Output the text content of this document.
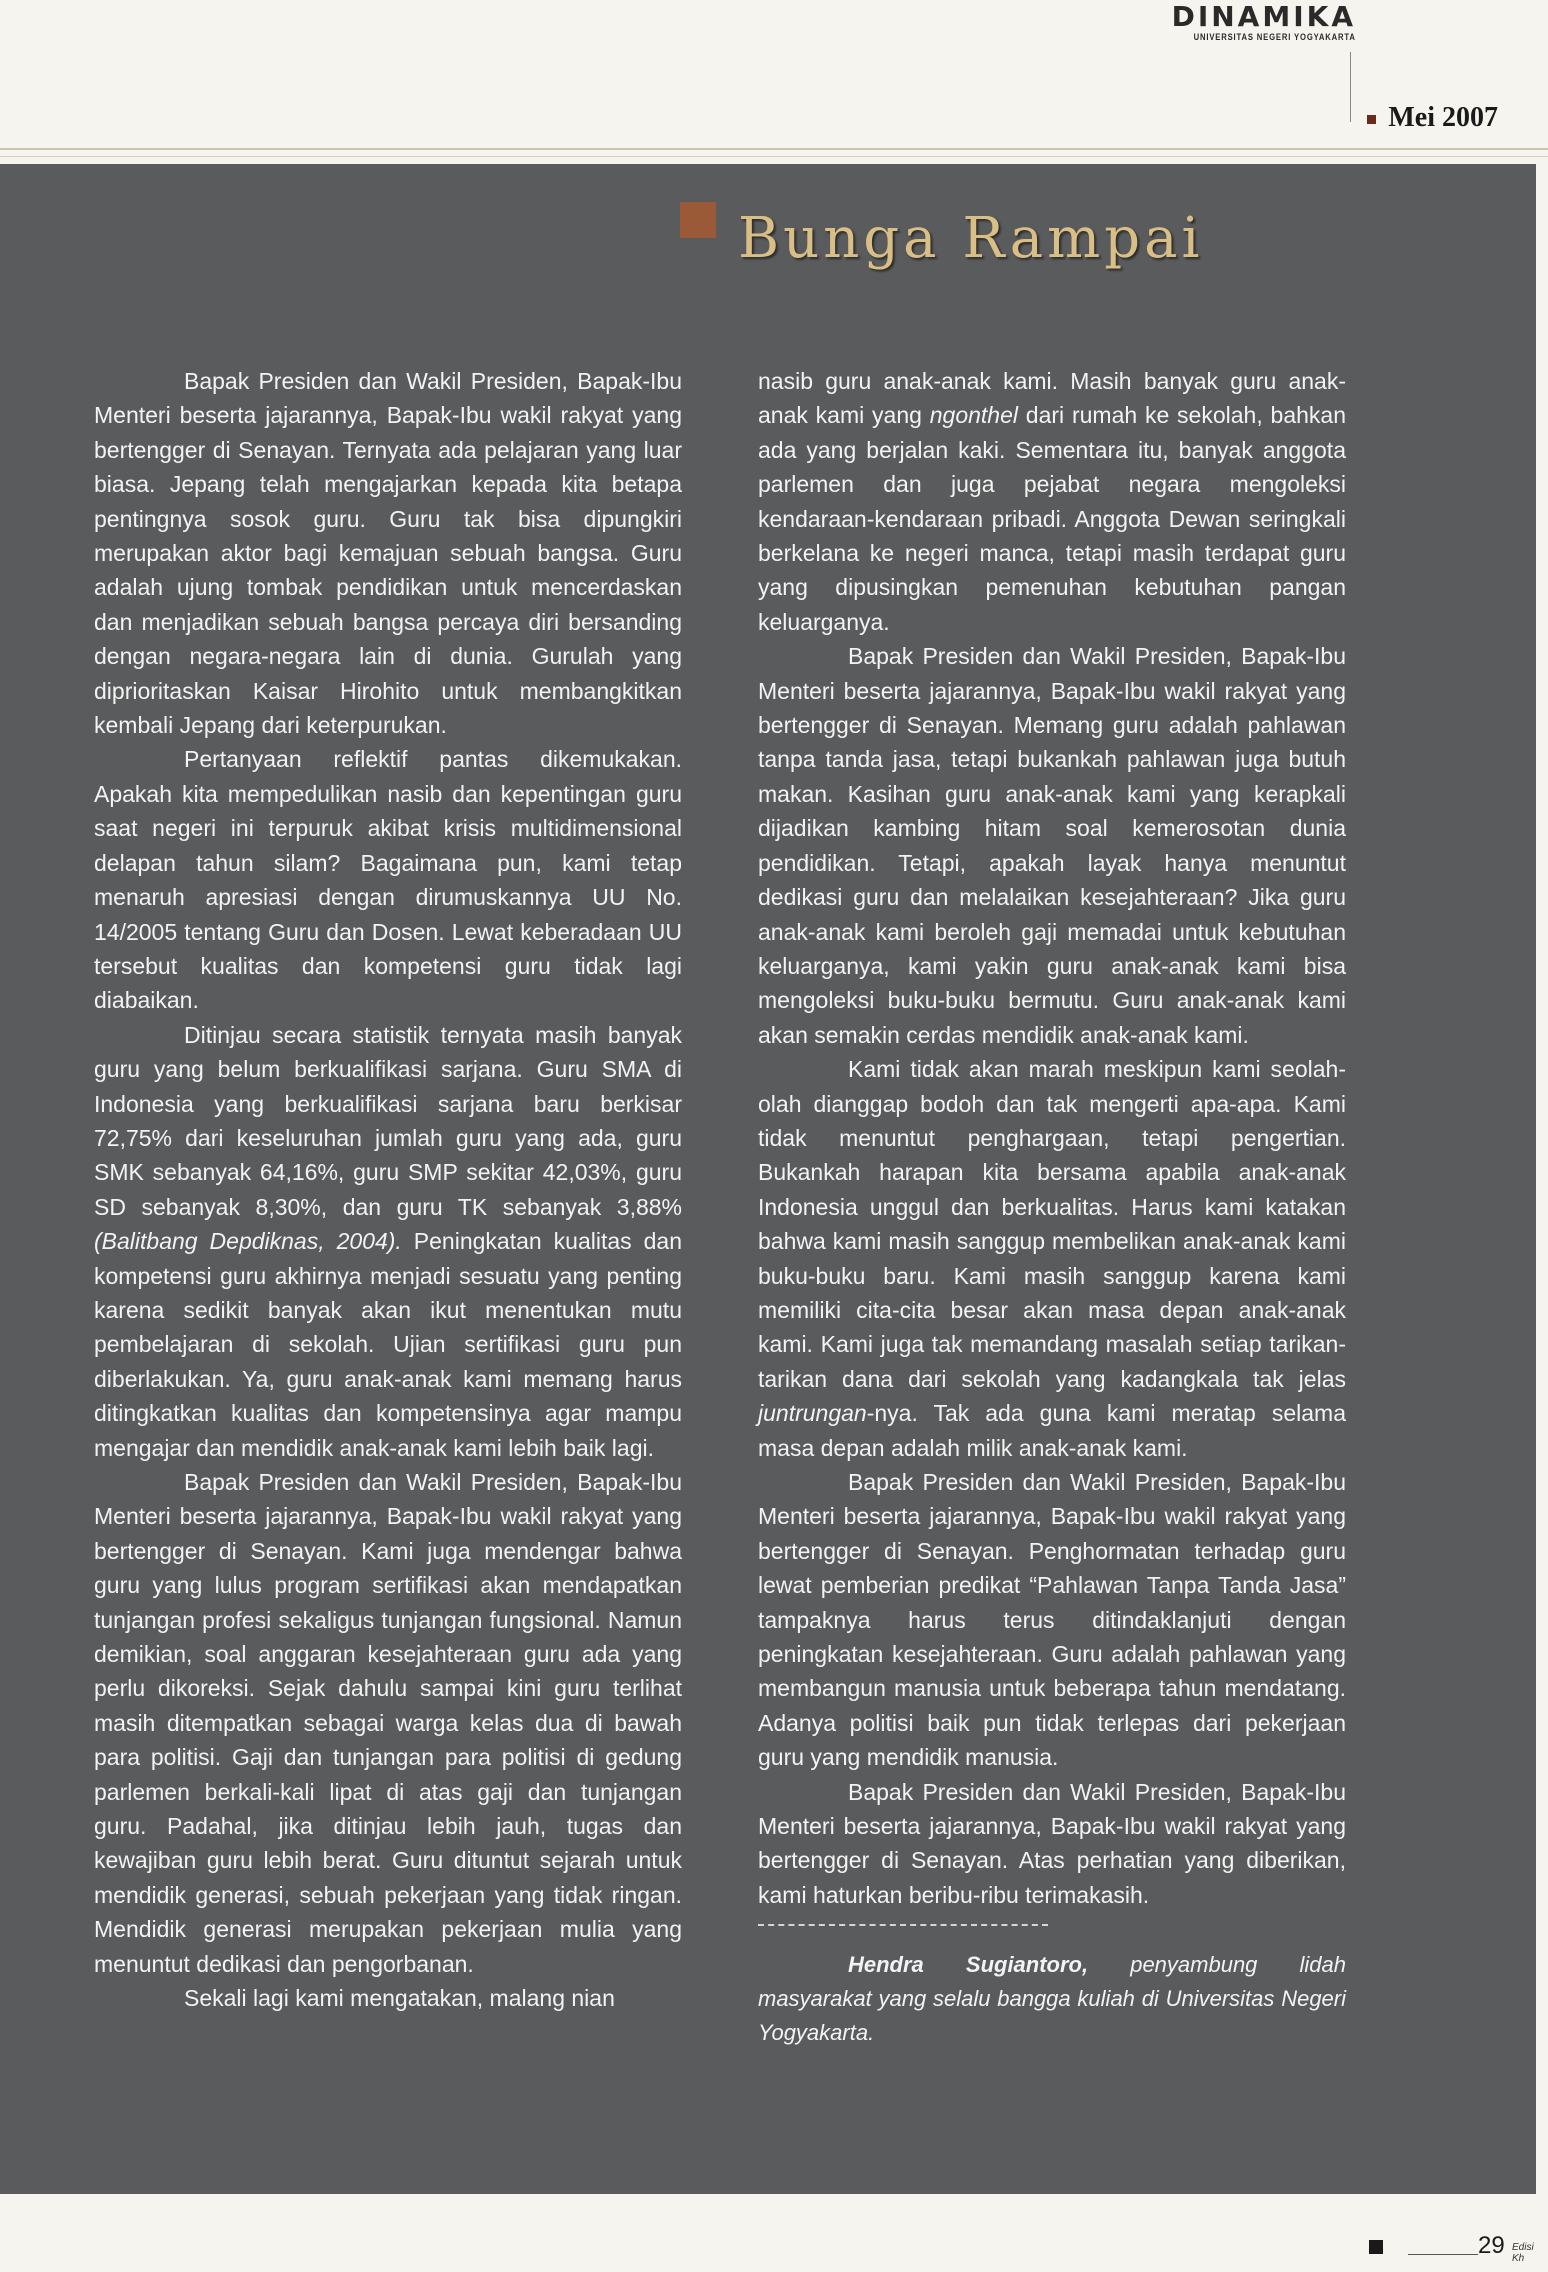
DINAMIKA
UNIVERSITAS NEGERI YOGYAKARTA
Mei 2007
Bunga Rampai

Bapak Presiden dan Wakil Presiden, Bapak-Ibu Menteri beserta jajarannya, Bapak-Ibu wakil rakyat yang bertengger di Senayan. Ternyata ada pelajaran yang luar biasa. Jepang telah mengajarkan kepada kita betapa pentingnya sosok guru. Guru tak bisa dipungkiri merupakan aktor bagi kemajuan sebuah bangsa. Guru adalah ujung tombak pendidikan untuk mencerdaskan dan menjadikan sebuah bangsa percaya diri bersanding dengan negara-negara lain di dunia. Gurulah yang diprioritaskan Kaisar Hirohito untuk membangkitkan kembali Jepang dari keterpurukan.

Pertanyaan reflektif pantas dikemukakan. Apakah kita mempedulikan nasib dan kepentingan guru saat negeri ini terpuruk akibat krisis multidimensional delapan tahun silam? Bagaimana pun, kami tetap menaruh apresiasi dengan dirumuskannya UU No. 14/2005 tentang Guru dan Dosen. Lewat keberadaan UU tersebut kualitas dan kompetensi guru tidak lagi diabaikan.

Ditinjau secara statistik ternyata masih banyak guru yang belum berkualifikasi sarjana. Guru SMA di Indonesia yang berkualifikasi sarjana baru berkisar 72,75% dari keseluruhan jumlah guru yang ada, guru SMK sebanyak 64,16%, guru SMP sekitar 42,03%, guru SD sebanyak 8,30%, dan guru TK sebanyak 3,88% (Balitbang Depdiknas, 2004). Peningkatan kualitas dan kompetensi guru akhirnya menjadi sesuatu yang penting karena sedikit banyak akan ikut menentukan mutu pembelajaran di sekolah. Ujian sertifikasi guru pun diberlakukan. Ya, guru anak-anak kami memang harus ditingkatkan kualitas dan kompetensinya agar mampu mengajar dan mendidik anak-anak kami lebih baik lagi.

Bapak Presiden dan Wakil Presiden, Bapak-Ibu Menteri beserta jajarannya, Bapak-Ibu wakil rakyat yang bertengger di Senayan. Kami juga mendengar bahwa guru yang lulus program sertifikasi akan mendapatkan tunjangan profesi sekaligus tunjangan fungsional. Namun demikian, soal anggaran kesejahteraan guru ada yang perlu dikoreksi. Sejak dahulu sampai kini guru terlihat masih ditempatkan sebagai warga kelas dua di bawah para politisi. Gaji dan tunjangan para politisi di gedung parlemen berkali-kali lipat di atas gaji dan tunjangan guru. Padahal, jika ditinjau lebih jauh, tugas dan kewajiban guru lebih berat. Guru dituntut sejarah untuk mendidik generasi, sebuah pekerjaan yang tidak ringan. Mendidik generasi merupakan pekerjaan mulia yang menuntut dedikasi dan pengorbanan.

Sekali lagi kami mengatakan, malang nian

nasib guru anak-anak kami. Masih banyak guru anak-anak kami yang ngonthel dari rumah ke sekolah, bahkan ada yang berjalan kaki. Sementara itu, banyak anggota parlemen dan juga pejabat negara mengoleksi kendaraan-kendaraan pribadi. Anggota Dewan seringkali berkelana ke negeri manca, tetapi masih terdapat guru yang dipusingkan pemenuhan kebutuhan pangan keluarganya.

Bapak Presiden dan Wakil Presiden, Bapak-Ibu Menteri beserta jajarannya, Bapak-Ibu wakil rakyat yang bertengger di Senayan. Memang guru adalah pahlawan tanpa tanda jasa, tetapi bukankah pahlawan juga butuh makan. Kasihan guru anak-anak kami yang kerapkali dijadikan kambing hitam soal kemerosotan dunia pendidikan. Tetapi, apakah layak hanya menuntut dedikasi guru dan melalaikan kesejahteraan? Jika guru anak-anak kami beroleh gaji memadai untuk kebutuhan keluarganya, kami yakin guru anak-anak kami bisa mengoleksi buku-buku bermutu. Guru anak-anak kami akan semakin cerdas mendidik anak-anak kami.

Kami tidak akan marah meskipun kami seolah-olah dianggap bodoh dan tak mengerti apa-apa. Kami tidak menuntut penghargaan, tetapi pengertian. Bukankah harapan kita bersama apabila anak-anak Indonesia unggul dan berkualitas. Harus kami katakan bahwa kami masih sanggup membelikan anak-anak kami buku-buku baru. Kami masih sanggup karena kami memiliki cita-cita besar akan masa depan anak-anak kami. Kami juga tak memandang masalah setiap tarikan-tarikan dana dari sekolah yang kadangkala tak jelas juntrungan-nya. Tak ada guna kami meratap selama masa depan adalah milik anak-anak kami.

Bapak Presiden dan Wakil Presiden, Bapak-Ibu Menteri beserta jajarannya, Bapak-Ibu wakil rakyat yang bertengger di Senayan. Penghormatan terhadap guru lewat pemberian predikat “Pahlawan Tanpa Tanda Jasa” tampaknya harus terus ditindaklanjuti dengan peningkatan kesejahteraan. Guru adalah pahlawan yang membangun manusia untuk beberapa tahun mendatang. Adanya politisi baik pun tidak terlepas dari pekerjaan guru yang mendidik manusia.

Bapak Presiden dan Wakil Presiden, Bapak-Ibu Menteri beserta jajarannya, Bapak-Ibu wakil rakyat yang bertengger di Senayan. Atas perhatian yang diberikan, kami haturkan beribu-ribu terimakasih.

Hendra Sugiantoro, penyambung lidah masyarakat yang selalu bangga kuliah di Universitas Negeri Yogyakarta.

29 Edisi Kh
